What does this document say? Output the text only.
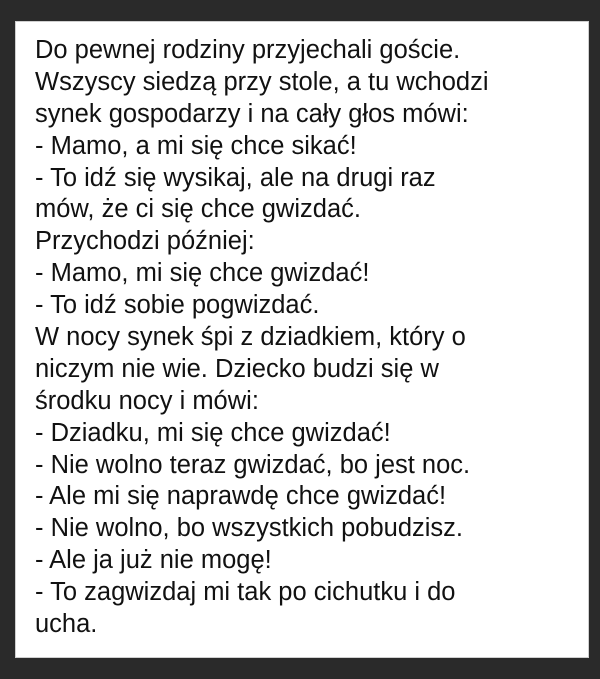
Do pewnej rodziny przyjechali goście.
Wszyscy siedzą przy stole, a tu wchodzi
synek gospodarzy i na cały głos mówi:
- Mamo, a mi się chce sikać!
- To idź się wysikaj, ale na drugi raz
mów, że ci się chce gwizdać.
Przychodzi później:
- Mamo, mi się chce gwizdać!
- To idź sobie pogwizdać.
W nocy synek śpi z dziadkiem, który o
niczym nie wie. Dziecko budzi się w
środku nocy i mówi:
- Dziadku, mi się chce gwizdać!
- Nie wolno teraz gwizdać, bo jest noc.
- Ale mi się naprawdę chce gwizdać!
- Nie wolno, bo wszystkich pobudzisz.
- Ale ja już nie mogę!
- To zagwizdaj mi tak po cichutku i do
ucha.
